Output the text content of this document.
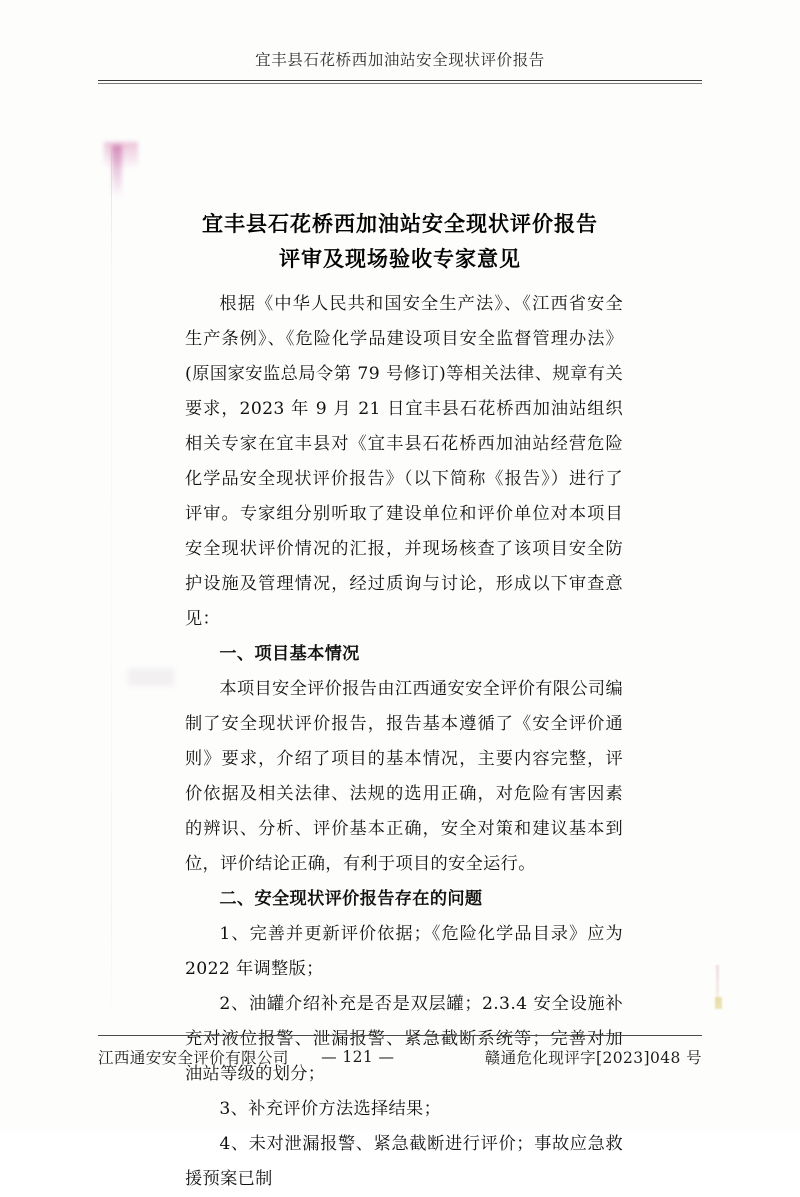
宜丰县石花桥西加油站安全现状评价报告
宜丰县石花桥西加油站安全现状评价报告
评审及现场验收专家意见

根据《中华人民共和国安全生产法》、《江西省安全生产条例》、《危险化学品建设项目安全监督管理办法》(原国家安监总局令第 79 号修订)等相关法律、规章有关要求，2023 年 9 月 21 日宜丰县石花桥西加油站组织相关专家在宜丰县对《宜丰县石花桥西加油站经营危险化学品安全现状评价报告》（以下简称《报告》）进行了评审。专家组分别听取了建设单位和评价单位对本项目安全现状评价情况的汇报，并现场核查了该项目安全防护设施及管理情况，经过质询与讨论，形成以下审查意见：

一、项目基本情况

本项目安全评价报告由江西通安安全评价有限公司编制了安全现状评价报告，报告基本遵循了《安全评价通则》要求，介绍了项目的基本情况，主要内容完整，评价依据及相关法律、法规的选用正确，对危险有害因素的辨识、分析、评价基本正确，安全对策和建议基本到位，评价结论正确，有利于项目的安全运行。

二、安全现状评价报告存在的问题

1、完善并更新评价依据；《危险化学品目录》应为 2022 年调整版；

2、油罐介绍补充是否是双层罐；2.3.4 安全设施补充对液位报警、泄漏报警、紧急截断系统等；完善对加油站等级的划分；

3、补充评价方法选择结果；

4、未对泄漏报警、紧急截断进行评价；事故应急救援预案已制

江西通安安全评价有限公司	— 121 —	赣通危化现评字[2023]048 号
